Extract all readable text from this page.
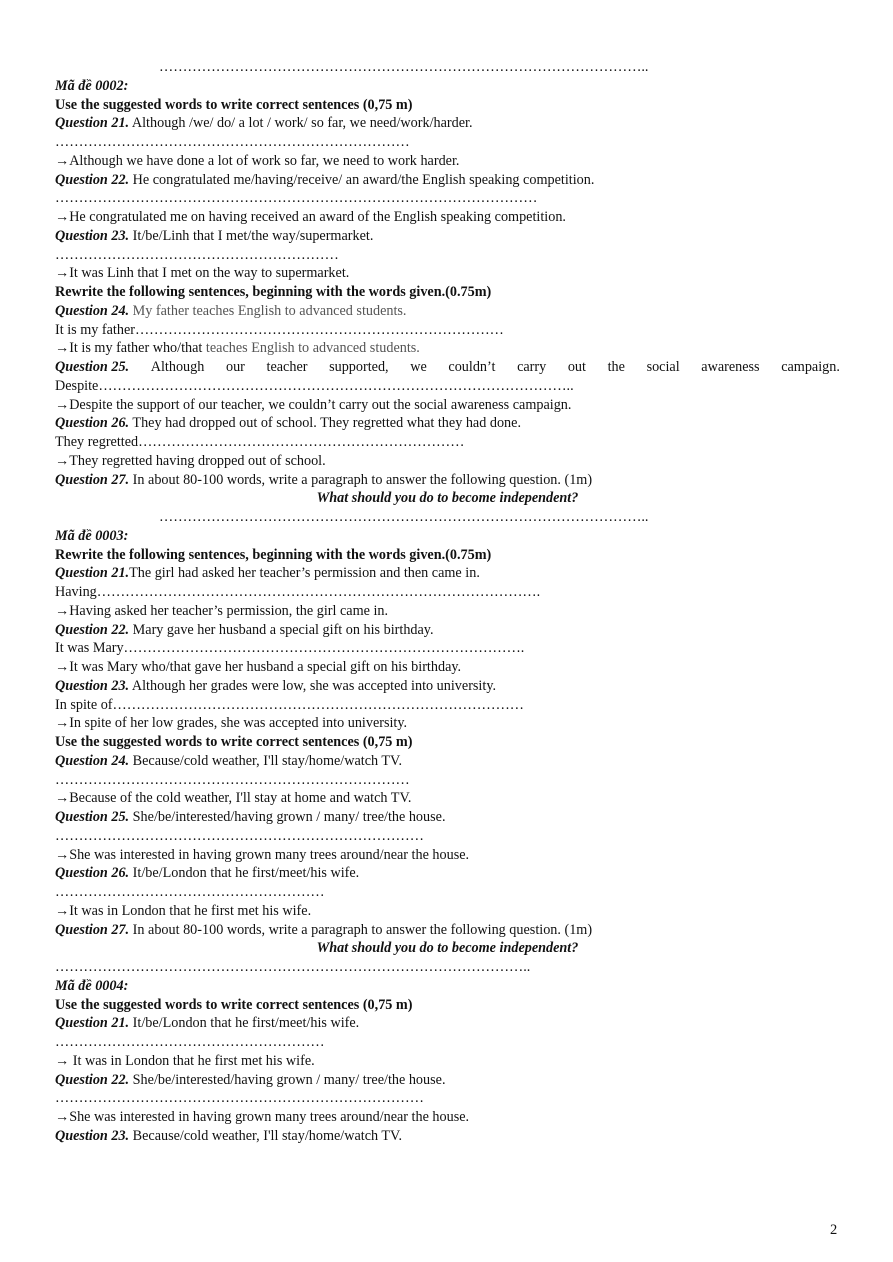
…………………………………………………………………………………………..
Mã đề 0002:
Use the suggested words to write correct sentences (0,75 m)
Question 21. Although /we/ do/ a lot / work/ so far, we need/work/harder.
…………………………………………………………………
→Although we have done a lot of work so far, we need to work harder.
Question 22. He congratulated me/having/receive/ an award/the English speaking competition.
…………………………………………………………………………………………
→He congratulated me on having received an award of the English speaking competition.
Question 23. It/be/Linh that I met/the way/supermarket.
……………………………………………………
→It was Linh that I met on the way to supermarket.
Rewrite the following sentences, beginning with the words given.(0.75m)
Question 24. My father teaches English to advanced students.
It is my father……………………………………………………………………
→It is my father who/that teaches English to advanced students.
Question 25. Although our teacher supported, we couldn’t carry out the social awareness campaign.
Despite………………………………………………………………………………………..
→Despite the support of our teacher, we couldn’t carry out the social awareness campaign.
Question 26. They had dropped out of school. They regretted what they had done.
They regretted……………………………………………………………
→They regretted having dropped out of school.
Question 27. In about 80-100 words, write a paragraph to answer the following question. (1m)
What should you do to become independent?
…………………………………………………………………………………………..
Mã đề 0003:
Rewrite the following sentences, beginning with the words given.(0.75m)
Question 21.The girl had asked her teacher’s permission and then came in.
Having………………………………………………………………………………….
→Having asked her teacher’s permission, the girl came in.
Question 22. Mary gave her husband a special gift on his birthday.
It was Mary………………………………………………………………………….
→It was Mary who/that gave her husband a special gift on his birthday.
Question 23. Although her grades were low, she was accepted into university.
In spite of……………………………………………………………………………
→In spite of her low grades, she was accepted into university.
Use the suggested words to write correct sentences (0,75 m)
Question 24. Because/cold weather, I'll stay/home/watch TV.
…………………………………………………………………
→Because of the cold weather, I'll stay at home and watch TV.
Question 25. She/be/interested/having grown / many/ tree/the house.
……………………………………………………………………
→She was interested in having grown many trees around/near the house.
Question 26. It/be/London that he first/meet/his wife.
…………………………………………………
→It was in London that he first met his wife.
Question 27. In about 80-100 words, write a paragraph to answer the following question. (1m)
What should you do to become independent?
………………………………………………………………………………………..
Mã đề 0004:
Use the suggested words to write correct sentences (0,75 m)
Question 21. It/be/London that he first/meet/his wife.
…………………………………………………
→ It was in London that he first met his wife.
Question 22. She/be/interested/having grown / many/ tree/the house.
……………………………………………………………………
→She was interested in having grown many trees around/near the house.
Question 23. Because/cold weather, I'll stay/home/watch TV.
2
